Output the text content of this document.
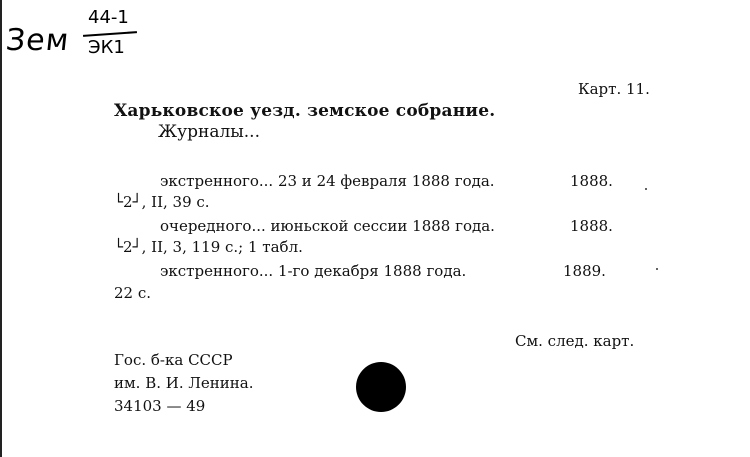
Зем
44-1
ЭК1
Карт. 11.
Харьковское уезд. земское собрание.
Журналы...
экстренного... 23 и 24 февраля 1888 года.	1888.
└2┘, II, 39 с.
очередного... июньской сессии 1888 года.	1888.
└2┘, II, 3, 119 с.; 1 табл.
экстренного... 1-го декабря 1888 года.	1889.
22 с.
См. след. карт.
Гос. б-ка СССР
им. В. И. Ленина.
34103 — 49
